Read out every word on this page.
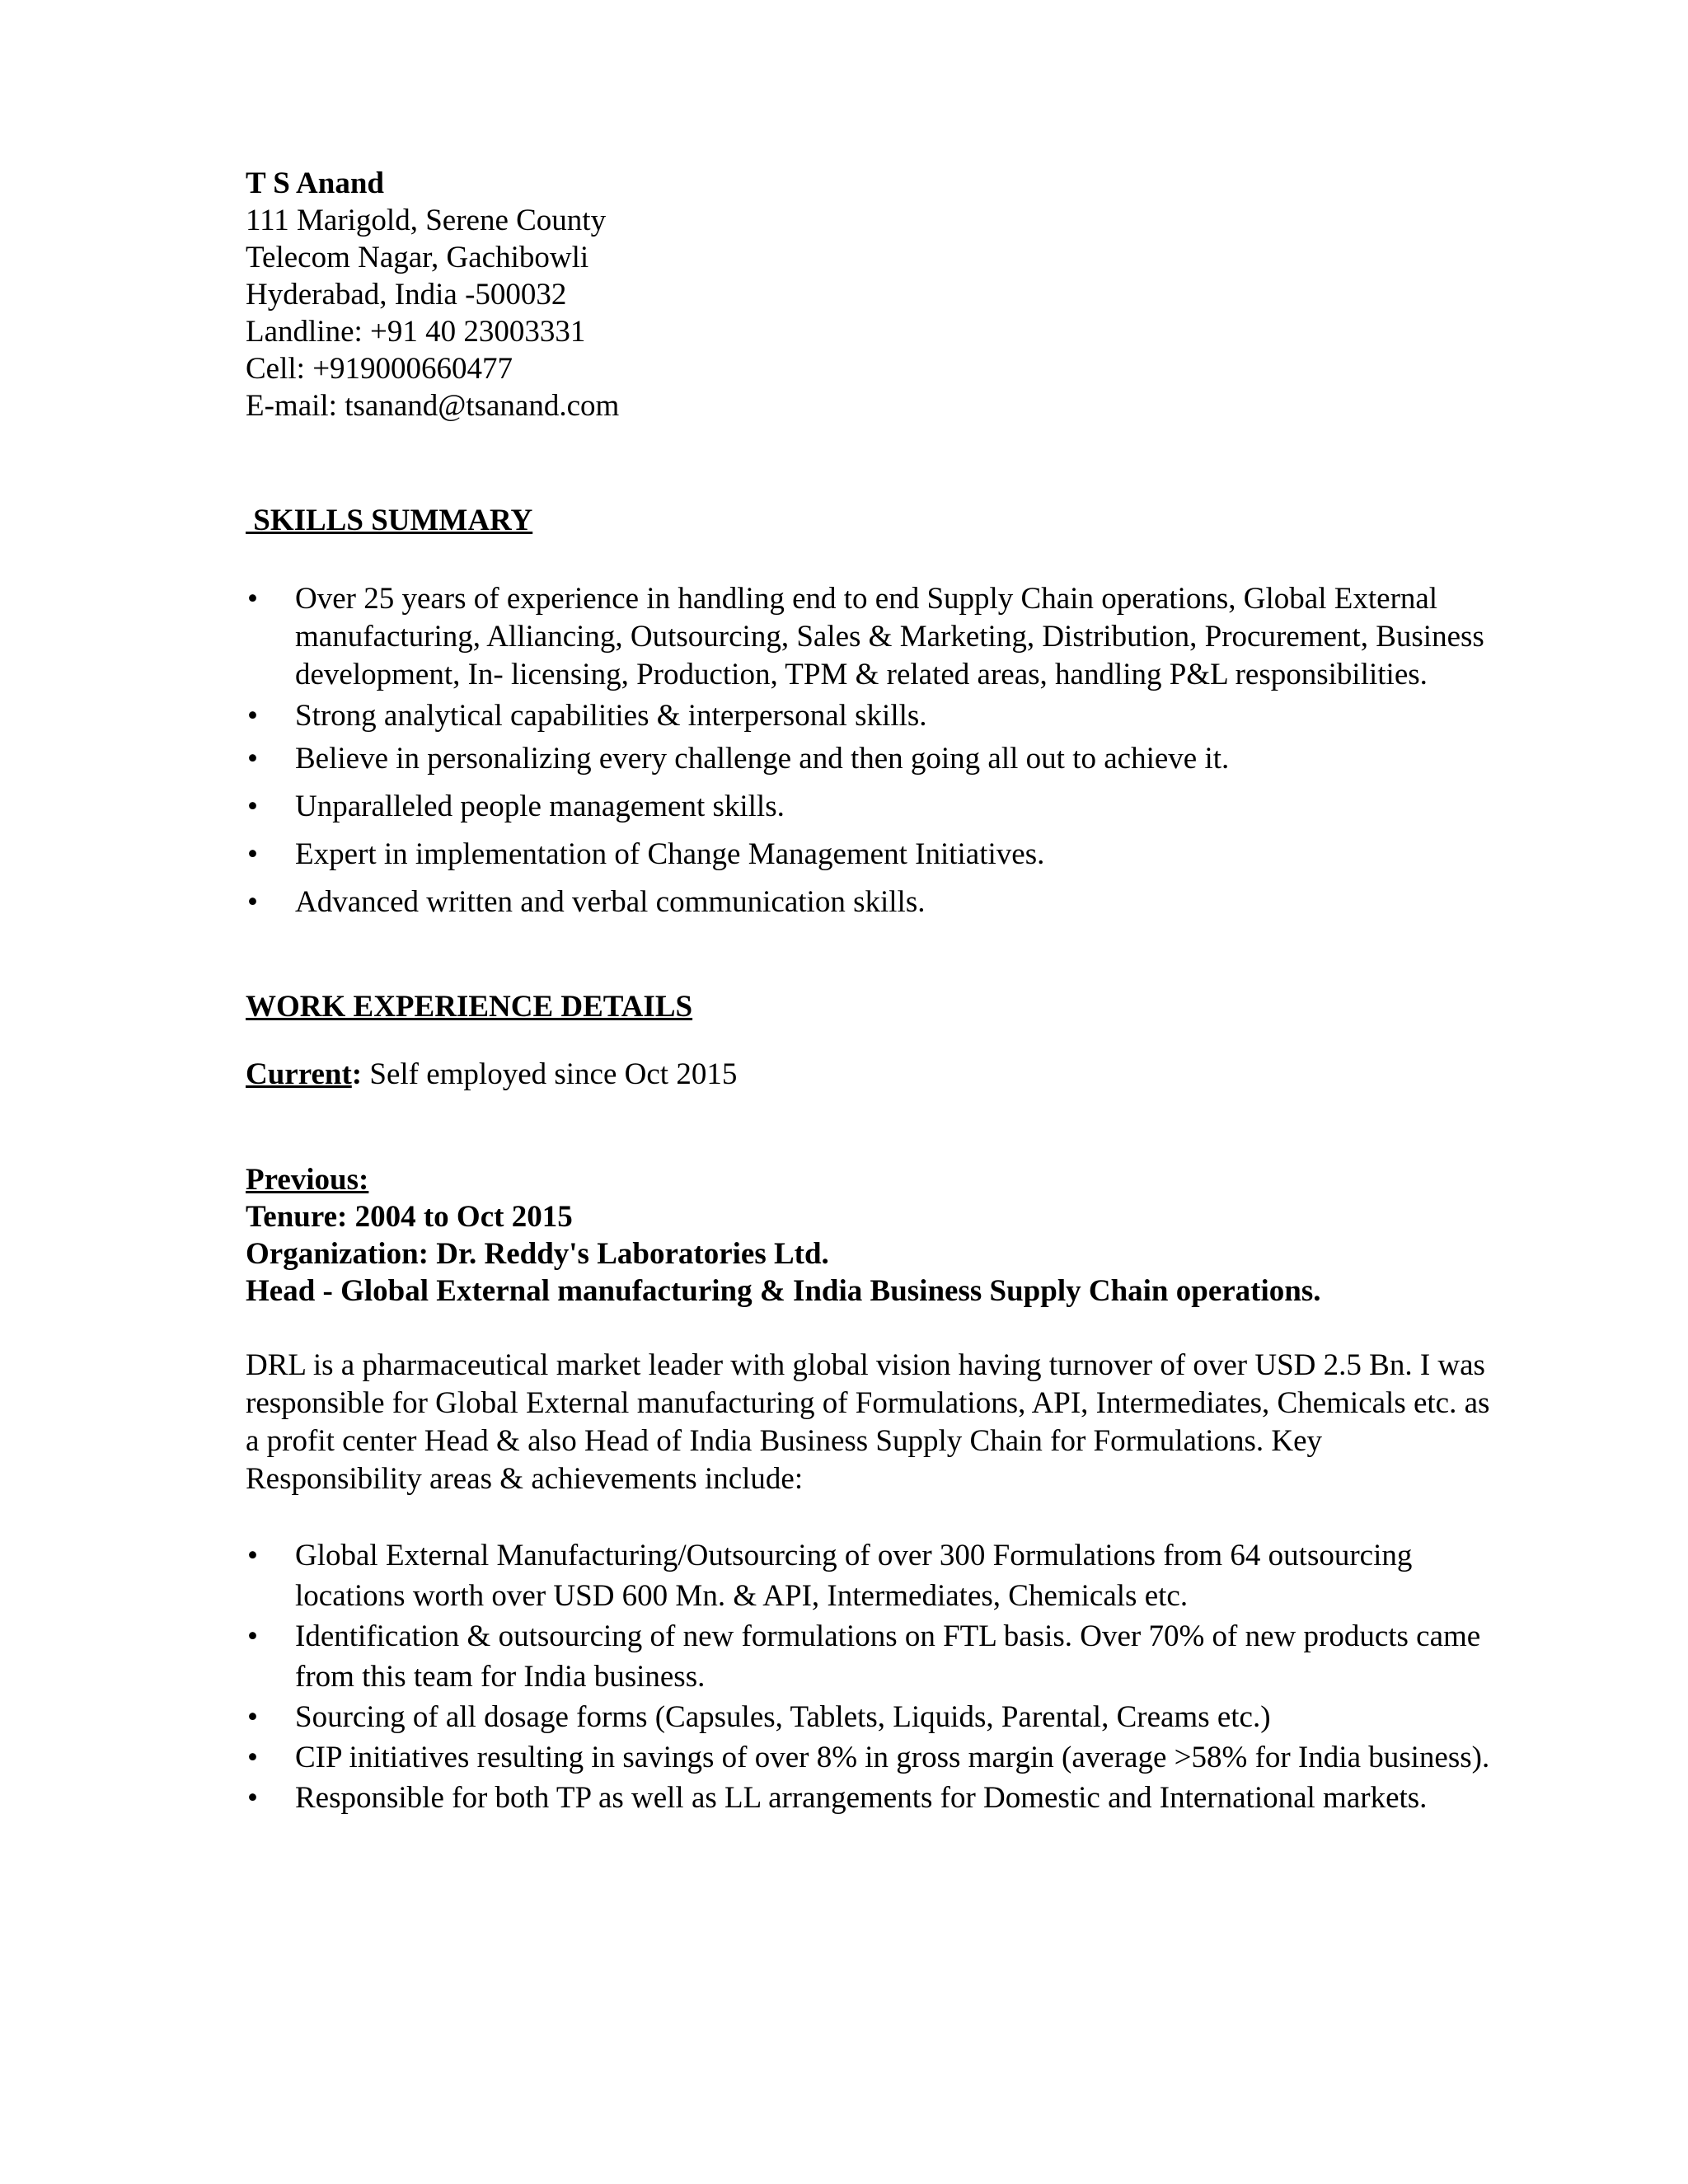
T S Anand
111 Marigold, Serene County
Telecom Nagar, Gachibowli
Hyderabad, India -500032
Landline: +91 40 23003331
Cell: +919000660477
E-mail: tsanand@tsanand.com
SKILLS SUMMARY
• Over 25 years of experience in handling end to end Supply Chain operations, Global External manufacturing, Alliancing, Outsourcing, Sales & Marketing, Distribution, Procurement, Business development, In- licensing, Production, TPM & related areas, handling P&L responsibilities.
• Strong analytical capabilities & interpersonal skills.
• Believe in personalizing every challenge and then going all out to achieve it.
• Unparalleled people management skills.
• Expert in implementation of Change Management Initiatives.
• Advanced written and verbal communication skills.
WORK EXPERIENCE DETAILS
Current: Self employed since Oct 2015
Previous:
Tenure: 2004 to Oct 2015
Organization: Dr. Reddy's Laboratories Ltd.
Head - Global External manufacturing & India Business Supply Chain operations.
DRL is a pharmaceutical market leader with global vision having turnover of over USD 2.5 Bn. I was responsible for Global External manufacturing of Formulations, API, Intermediates, Chemicals etc. as a profit center Head & also Head of India Business Supply Chain for Formulations. Key Responsibility areas & achievements include:
• Global External Manufacturing/Outsourcing of over 300 Formulations from 64 outsourcing locations worth over USD 600 Mn. & API, Intermediates, Chemicals etc.
• Identification & outsourcing of new formulations on FTL basis. Over 70% of new products came from this team for India business.
• Sourcing of all dosage forms (Capsules, Tablets, Liquids, Parental, Creams etc.)
• CIP initiatives resulting in savings of over 8% in gross margin (average >58% for India business).
• Responsible for both TP as well as LL arrangements for Domestic and International markets.
